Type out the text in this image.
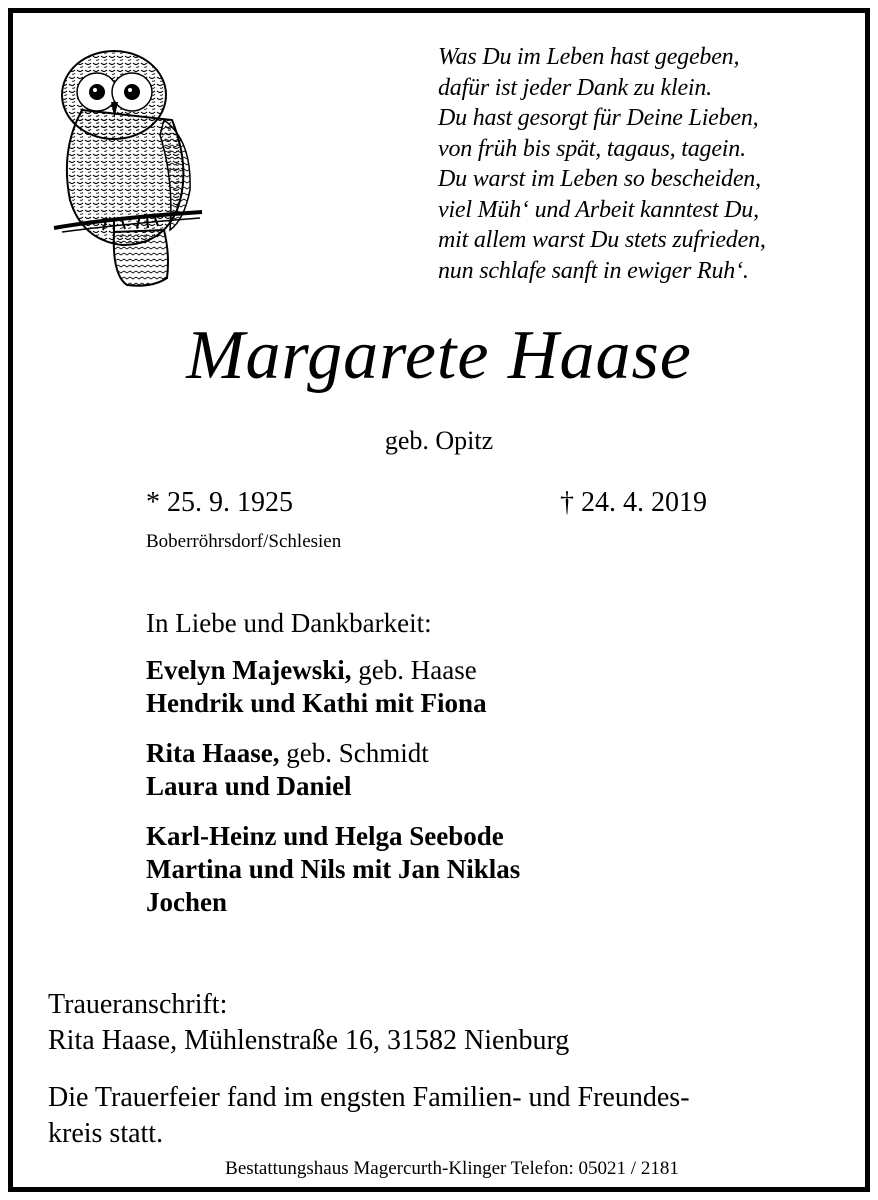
Was Du im Leben hast gegeben,
dafür ist jeder Dank zu klein.
Du hast gesorgt für Deine Lieben,
von früh bis spät, tagaus, tagein.
Du warst im Leben so bescheiden,
viel Müh‘ und Arbeit kanntest Du,
mit allem warst Du stets zufrieden,
nun schlafe sanft in ewiger Ruh‘.
Margarete Haase
geb. Opitz
* 25. 9. 1925	† 24. 4. 2019
Boberröhrsdorf/Schlesien
In Liebe und Dankbarkeit:
Evelyn Majewski, geb. Haase
Hendrik und Kathi mit Fiona
Rita Haase, geb. Schmidt
Laura und Daniel
Karl-Heinz und Helga Seebode
Martina und Nils mit Jan Niklas
Jochen
Traueranschrift:
Rita Haase, Mühlenstraße 16, 31582 Nienburg
Die Trauerfeier fand im engsten Familien- und Freundes-
kreis statt.
Bestattungshaus Magercurth-Klinger Telefon: 05021 / 2181
